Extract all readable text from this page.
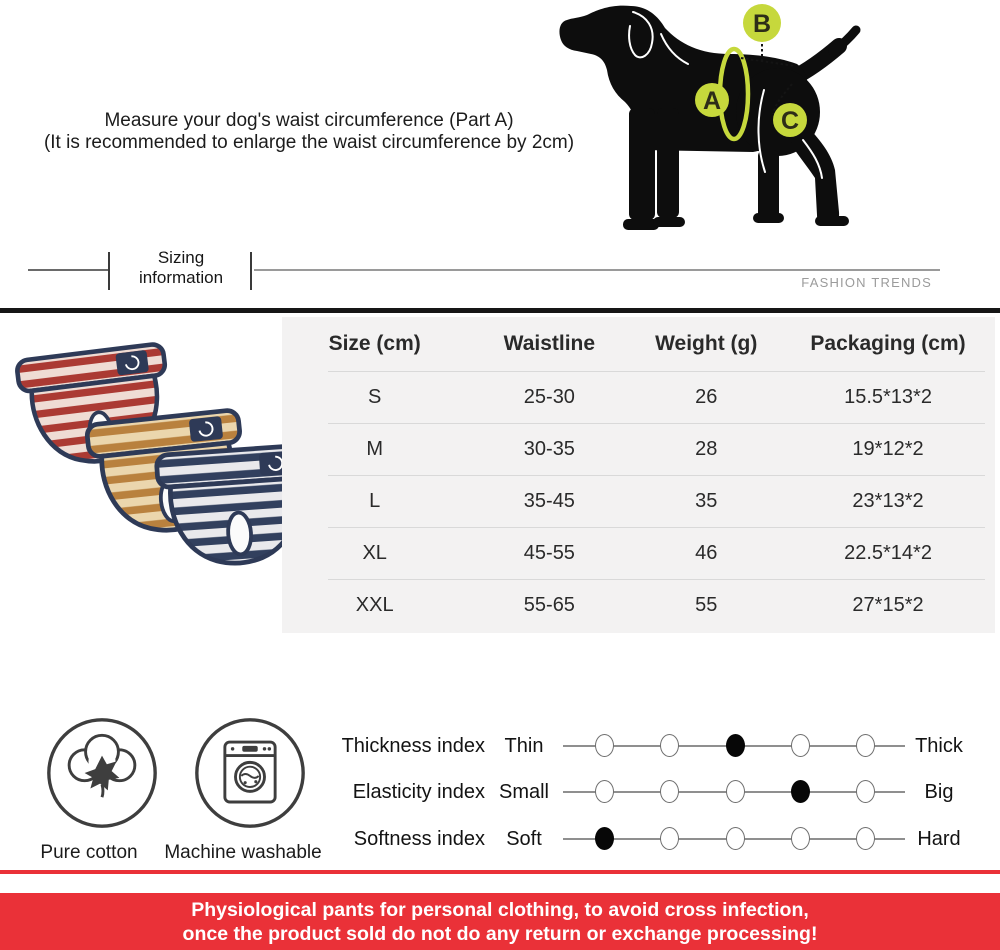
Measure your dog's waist circumference (Part A)
(It is recommended to enlarge the waist circumference by 2cm)
A
B
C
Sizing
information	FASHION TRENDS
Size (cm)	Waistline	Weight (g)	Packaging (cm)
S	25-30	26	15.5*13*2
M	30-35	28	19*12*2
L	35-45	35	23*13*2
XL	45-55	46	22.5*14*2
XXL	55-65	55	27*15*2
Pure cotton	Machine washable
Thickness index Thin	Thick
Elasticity index Small	Big
Softness index	Soft	Hard
Physiological pants for personal clothing, to avoid cross infection,
once the product sold do not do any return or exchange processing!
